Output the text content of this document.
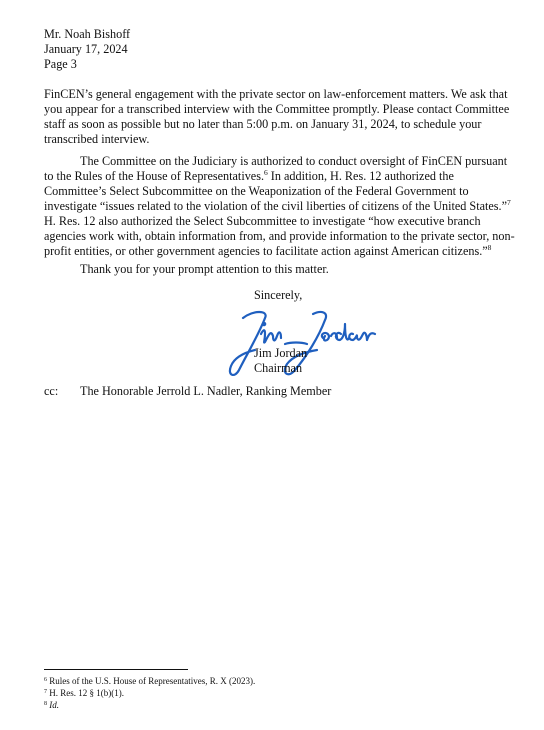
Mr. Noah Bishoff
January 17, 2024
Page 3
FinCEN’s general engagement with the private sector on law-enforcement matters. We ask that
you appear for a transcribed interview with the Committee promptly. Please contact Committee
staff as soon as possible but no later than 5:00 p.m. on January 31, 2024, to schedule your
transcribed interview.
The Committee on the Judiciary is authorized to conduct oversight of FinCEN pursuant
to the Rules of the House of Representatives.$^6$ In addition, H. Res. 12 authorized the
Committee’s Select Subcommittee on the Weaponization of the Federal Government to
investigate “issues related to the violation of the civil liberties of citizens of the United States.”$^7$
H. Res. 12 also authorized the Select Subcommittee to investigate “how executive branch
agencies work with, obtain information from, and provide information to the private sector, non-
profit entities, or other government agencies to facilitate action against American citizens.”$^8$
Thank you for your prompt attention to this matter.
Sincerely,
Jim Jordan
Chairman
cc: The Honorable Jerrold L. Nadler, Ranking Member
$^6$ Rules of the U.S. House of Representatives, R. X (2023).
$^7$ H. Res. 12 § 1(b)(1).
$^8$ Id.
